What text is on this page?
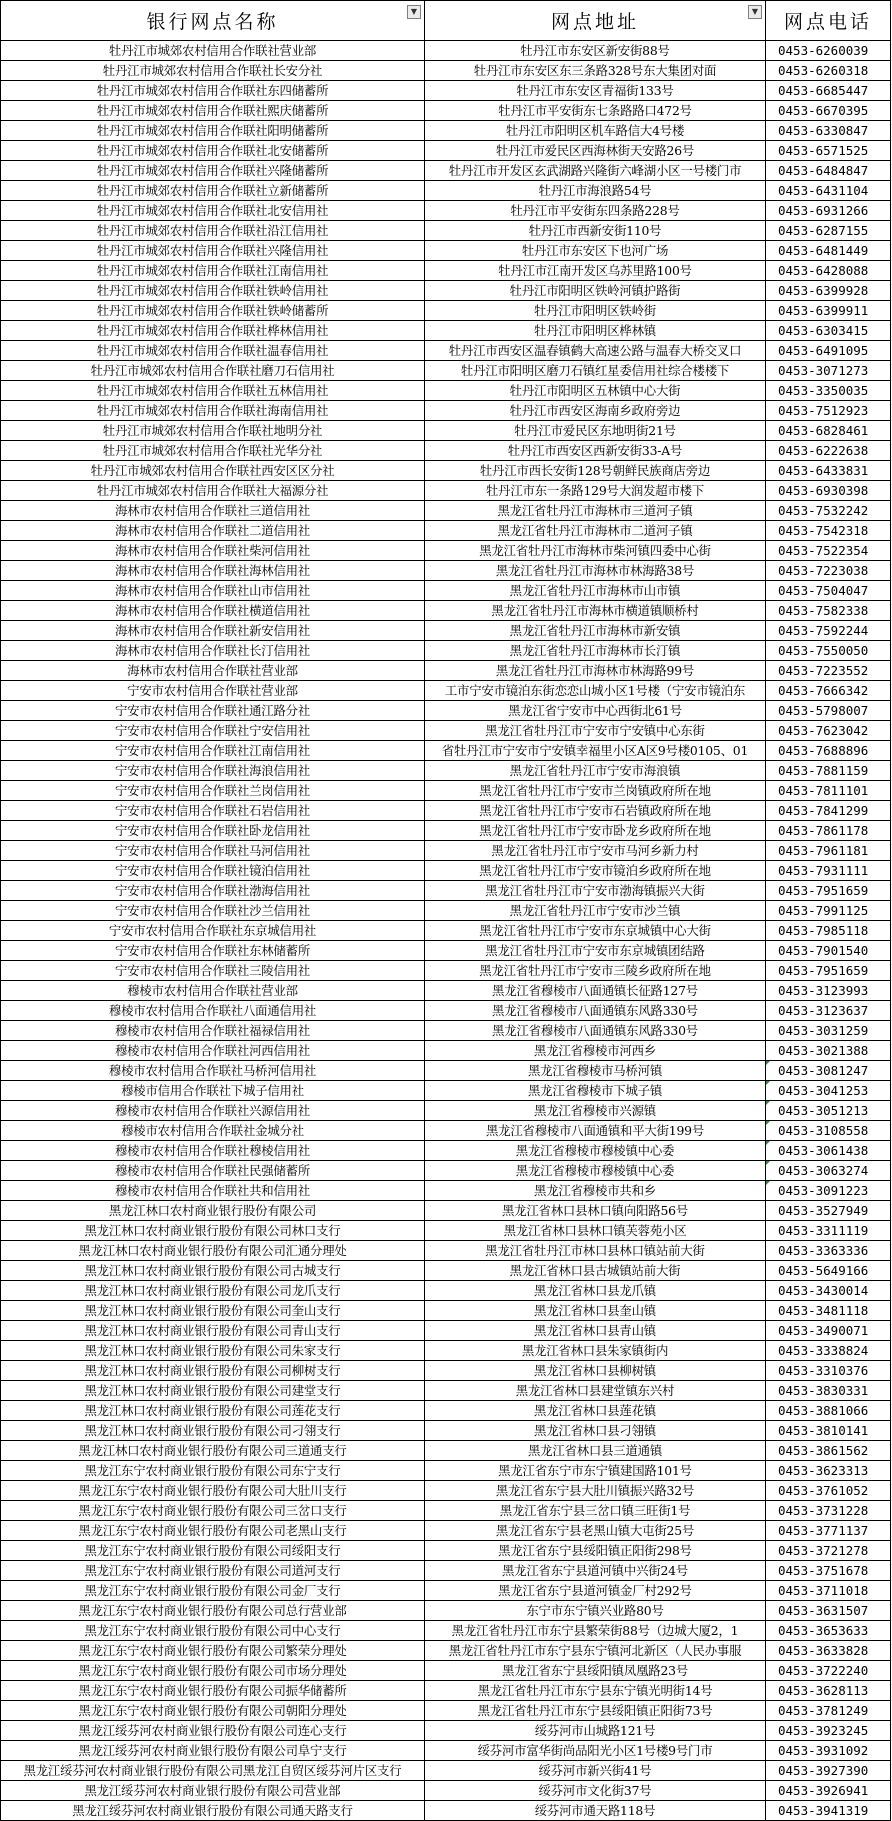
银行网点名称 ▼	网点地址 ▼	网点电话
牡丹江市城郊农村信用合作联社营业部	牡丹江市东安区新安街88号	0453-6260039
牡丹江市城郊农村信用合作联社长安分社	牡丹江市东安区东三条路328号东大集团对面	0453-6260318
牡丹江市城郊农村信用合作联社东四储蓄所	牡丹江市东安区青福街133号	0453-6685447
牡丹江市城郊农村信用合作联社熙庆储蓄所	牡丹江市平安街东七条路路口472号	0453-6670395
牡丹江市城郊农村信用合作联社阳明储蓄所	牡丹江市阳明区机车路信大4号楼	0453-6330847
牡丹江市城郊农村信用合作联社北安储蓄所	牡丹江市爱民区西海林街天安路26号	0453-6571525
牡丹江市城郊农村信用合作联社兴隆储蓄所	牡丹江市开发区玄武湖路兴隆街六峰湖小区一号楼门市	0453-6484847
牡丹江市城郊农村信用合作联社立新储蓄所	牡丹江市海浪路54号	0453-6431104
牡丹江市城郊农村信用合作联社北安信用社	牡丹江市平安街东四条路228号	0453-6931266
牡丹江市城郊农村信用合作联社沿江信用社	牡丹江市西新安街110号	0453-6287155
牡丹江市城郊农村信用合作联社兴隆信用社	牡丹江市东安区下也河广场	0453-6481449
牡丹江市城郊农村信用合作联社江南信用社	牡丹江市江南开发区乌苏里路100号	0453-6428088
牡丹江市城郊农村信用合作联社铁岭信用社	牡丹江市阳明区铁岭河镇护路街	0453-6399928
牡丹江市城郊农村信用合作联社铁岭储蓄所	牡丹江市阳明区铁岭街	0453-6399911
牡丹江市城郊农村信用合作联社桦林信用社	牡丹江市阳明区桦林镇	0453-6303415
牡丹江市城郊农村信用合作联社温春信用社	牡丹江市西安区温春镇鹤大高速公路与温春大桥交叉口	0453-6491095
牡丹江市城郊农村信用合作联社磨刀石信用社	牡丹江市阳明区磨刀石镇红星委信用社综合楼楼下	0453-3071273
牡丹江市城郊农村信用合作联社五林信用社	牡丹江市阳明区五林镇中心大街	0453-3350035
牡丹江市城郊农村信用合作联社海南信用社	牡丹江市西安区海南乡政府旁边	0453-7512923
牡丹江市城郊农村信用合作联社地明分社	牡丹江市爱民区东地明街21号	0453-6828461
牡丹江市城郊农村信用合作联社光华分社	牡丹江市西安区西新安街33-A号	0453-6222638
牡丹江市城郊农村信用合作联社西安区区分社	牡丹江市西长安街128号朝鲜民族商店旁边	0453-6433831
牡丹江市城郊农村信用合作联社大福源分社	牡丹江市东一条路129号大润发超市楼下	0453-6930398
海林市农村信用合作联社三道信用社	黑龙江省牡丹江市海林市三道河子镇	0453-7532242
海林市农村信用合作联社二道信用社	黑龙江省牡丹江市海林市二道河子镇	0453-7542318
海林市农村信用合作联社柴河信用社	黑龙江省牡丹江市海林市柴河镇四委中心街	0453-7522354
海林市农村信用合作联社海林信用社	黑龙江省牡丹江市海林市林海路38号	0453-7223038
海林市农村信用合作联社山市信用社	黑龙江省牡丹江市海林市山市镇	0453-7504047
海林市农村信用合作联社横道信用社	黑龙江省牡丹江市海林市横道镇顺桥村	0453-7582338
海林市农村信用合作联社新安信用社	黑龙江省牡丹江市海林市新安镇	0453-7592244
海林市农村信用合作联社长汀信用社	黑龙江省牡丹江市海林市长汀镇	0453-7550050
海林市农村信用合作联社营业部	黑龙江省牡丹江市海林市林海路99号	0453-7223552
宁安市农村信用合作联社营业部	工市宁安市镜泊东街恋恋山城小区1号楼（宁安市镜泊东	0453-7666342
宁安市农村信用合作联社通江路分社	黑龙江省宁安市中心西街北61号	0453-5798007
宁安市农村信用合作联社宁安信用社	黑龙江省牡丹江市宁安市宁安镇中心东街	0453-7623042
宁安市农村信用合作联社江南信用社	省牡丹江市宁安市宁安镇幸福里小区A区9号楼0105、01	0453-7688896
宁安市农村信用合作联社海浪信用社	黑龙江省牡丹江市宁安市海浪镇	0453-7881159
宁安市农村信用合作联社兰岗信用社	黑龙江省牡丹江市宁安市兰岗镇政府所在地	0453-7811101
宁安市农村信用合作联社石岩信用社	黑龙江省牡丹江市宁安市石岩镇政府所在地	0453-7841299
宁安市农村信用合作联社卧龙信用社	黑龙江省牡丹江市宁安市卧龙乡政府所在地	0453-7861178
宁安市农村信用合作联社马河信用社	黑龙江省牡丹江市宁安市马河乡新力村	0453-7961181
宁安市农村信用合作联社镜泊信用社	黑龙江省牡丹江市宁安市镜泊乡政府所在地	0453-7931111
宁安市农村信用合作联社渤海信用社	黑龙江省牡丹江市宁安市渤海镇振兴大街	0453-7951659
宁安市农村信用合作联社沙兰信用社	黑龙江省牡丹江市宁安市沙兰镇	0453-7991125
宁安市农村信用合作联社东京城信用社	黑龙江省牡丹江市宁安市东京城镇中心大街	0453-7985118
宁安市农村信用合作联社东林储蓄所	黑龙江省牡丹江市宁安市东京城镇团结路	0453-7901540
宁安市农村信用合作联社三陵信用社	黑龙江省牡丹江市宁安市三陵乡政府所在地	0453-7951659
穆棱市农村信用合作联社营业部	黑龙江省穆棱市八面通镇长征路127号	0453-3123993
穆棱市农村信用合作联社八面通信用社	黑龙江省穆棱市八面通镇东风路330号	0453-3123637
穆棱市农村信用合作联社福禄信用社	黑龙江省穆棱市八面通镇东风路330号	0453-3031259
穆棱市农村信用合作联社河西信用社	黑龙江省穆棱市河西乡	0453-3021388
穆棱市农村信用合作联社马桥河信用社	黑龙江省穆棱市马桥河镇	0453-3081247
穆棱市信用合作联社下城子信用社	黑龙江省穆棱市下城子镇	0453-3041253
穆棱市农村信用合作联社兴源信用社	黑龙江省穆棱市兴源镇	0453-3051213
穆棱市农村信用合作联社金城分社	黑龙江省穆棱市八面通镇和平大街199号	0453-3108558
穆棱市农村信用合作联社穆棱信用社	黑龙江省穆棱市穆棱镇中心委	0453-3061438
穆棱市农村信用合作联社民强储蓄所	黑龙江省穆棱市穆棱镇中心委	0453-3063274
穆棱市农村信用合作联社共和信用社	黑龙江省穆棱市共和乡	0453-3091223
黑龙江林口农村商业银行股份有限公司	黑龙江省林口县林口镇向阳路56号	0453-3527949
黑龙江林口农村商业银行股份有限公司林口支行	黑龙江省林口县林口镇芙蓉苑小区	0453-3311119
黑龙江林口农村商业银行股份有限公司汇通分理处	黑龙江省牡丹江市林口县林口镇站前大街	0453-3363336
黑龙江林口农村商业银行股份有限公司古城支行	黑龙江省林口县古城镇站前大街	0453-5649166
黑龙江林口农村商业银行股份有限公司龙爪支行	黑龙江省林口县龙爪镇	0453-3430014
黑龙江林口农村商业银行股份有限公司奎山支行	黑龙江省林口县奎山镇	0453-3481118
黑龙江林口农村商业银行股份有限公司青山支行	黑龙江省林口县青山镇	0453-3490071
黑龙江林口农村商业银行股份有限公司朱家支行	黑龙江省林口县朱家镇街内	0453-3338824
黑龙江林口农村商业银行股份有限公司柳树支行	黑龙江省林口县柳树镇	0453-3310376
黑龙江林口农村商业银行股份有限公司建堂支行	黑龙江省林口县建堂镇东兴村	0453-3830331
黑龙江林口农村商业银行股份有限公司莲花支行	黑龙江省林口县莲花镇	0453-3881066
黑龙江林口农村商业银行股份有限公司刁翎支行	黑龙江省林口县刁翎镇	0453-3810141
黑龙江林口农村商业银行股份有限公司三道通支行	黑龙江省林口县三道通镇	0453-3861562
黑龙江东宁农村商业银行股份有限公司东宁支行	黑龙江省东宁市东宁镇建国路101号	0453-3623313
黑龙江东宁农村商业银行股份有限公司大肚川支行	黑龙江省东宁县大肚川镇振兴路32号	0453-3761052
黑龙江东宁农村商业银行股份有限公司三岔口支行	黑龙江省东宁县三岔口镇三旺街1号	0453-3731228
黑龙江东宁农村商业银行股份有限公司老黑山支行	黑龙江省东宁县老黑山镇大屯街25号	0453-3771137
黑龙江东宁农村商业银行股份有限公司绥阳支行	黑龙江省东宁县绥阳镇正阳街298号	0453-3721278
黑龙江东宁农村商业银行股份有限公司道河支行	黑龙江省东宁县道河镇中兴街24号	0453-3751678
黑龙江东宁农村商业银行股份有限公司金厂支行	黑龙江省东宁县道河镇金厂村292号	0453-3711018
黑龙江东宁农村商业银行股份有限公司总行营业部	东宁市东宁镇兴业路80号	0453-3631507
黑龙江东宁农村商业银行股份有限公司中心支行	黑龙江省牡丹江市东宁县繁荣街88号（边城大厦2，1	0453-3653633
黑龙江东宁农村商业银行股份有限公司繁荣分理处	黑龙江省牡丹江市东宁县东宁镇河北新区（人民办事服	0453-3633828
黑龙江东宁农村商业银行股份有限公司市场分理处	黑龙江省东宁县绥阳镇凤凰路23号	0453-3722240
黑龙江东宁农村商业银行股份有限公司振华储蓄所	黑龙江省牡丹江市东宁县东宁镇光明街14号	0453-3628113
黑龙江东宁农村商业银行股份有限公司朝阳分理处	黑龙江省牡丹江市东宁县绥阳镇正阳街73号	0453-3781249
黑龙江绥芬河农村商业银行股份有限公司连心支行	绥芬河市山城路121号	0453-3923245
黑龙江绥芬河农村商业银行股份有限公司阜宁支行	绥芬河市富华街尚品阳光小区1号楼9号门市	0453-3931092
黑龙江绥芬河农村商业银行股份有限公司黑龙江自贸区绥芬河片区支行	绥芬河市新兴街41号	0453-3927390
黑龙江绥芬河农村商业银行股份有限公司营业部	绥芬河市文化街37号	0453-3926941
黑龙江绥芬河农村商业银行股份有限公司通天路支行	绥芬河市通天路118号	0453-3941319
